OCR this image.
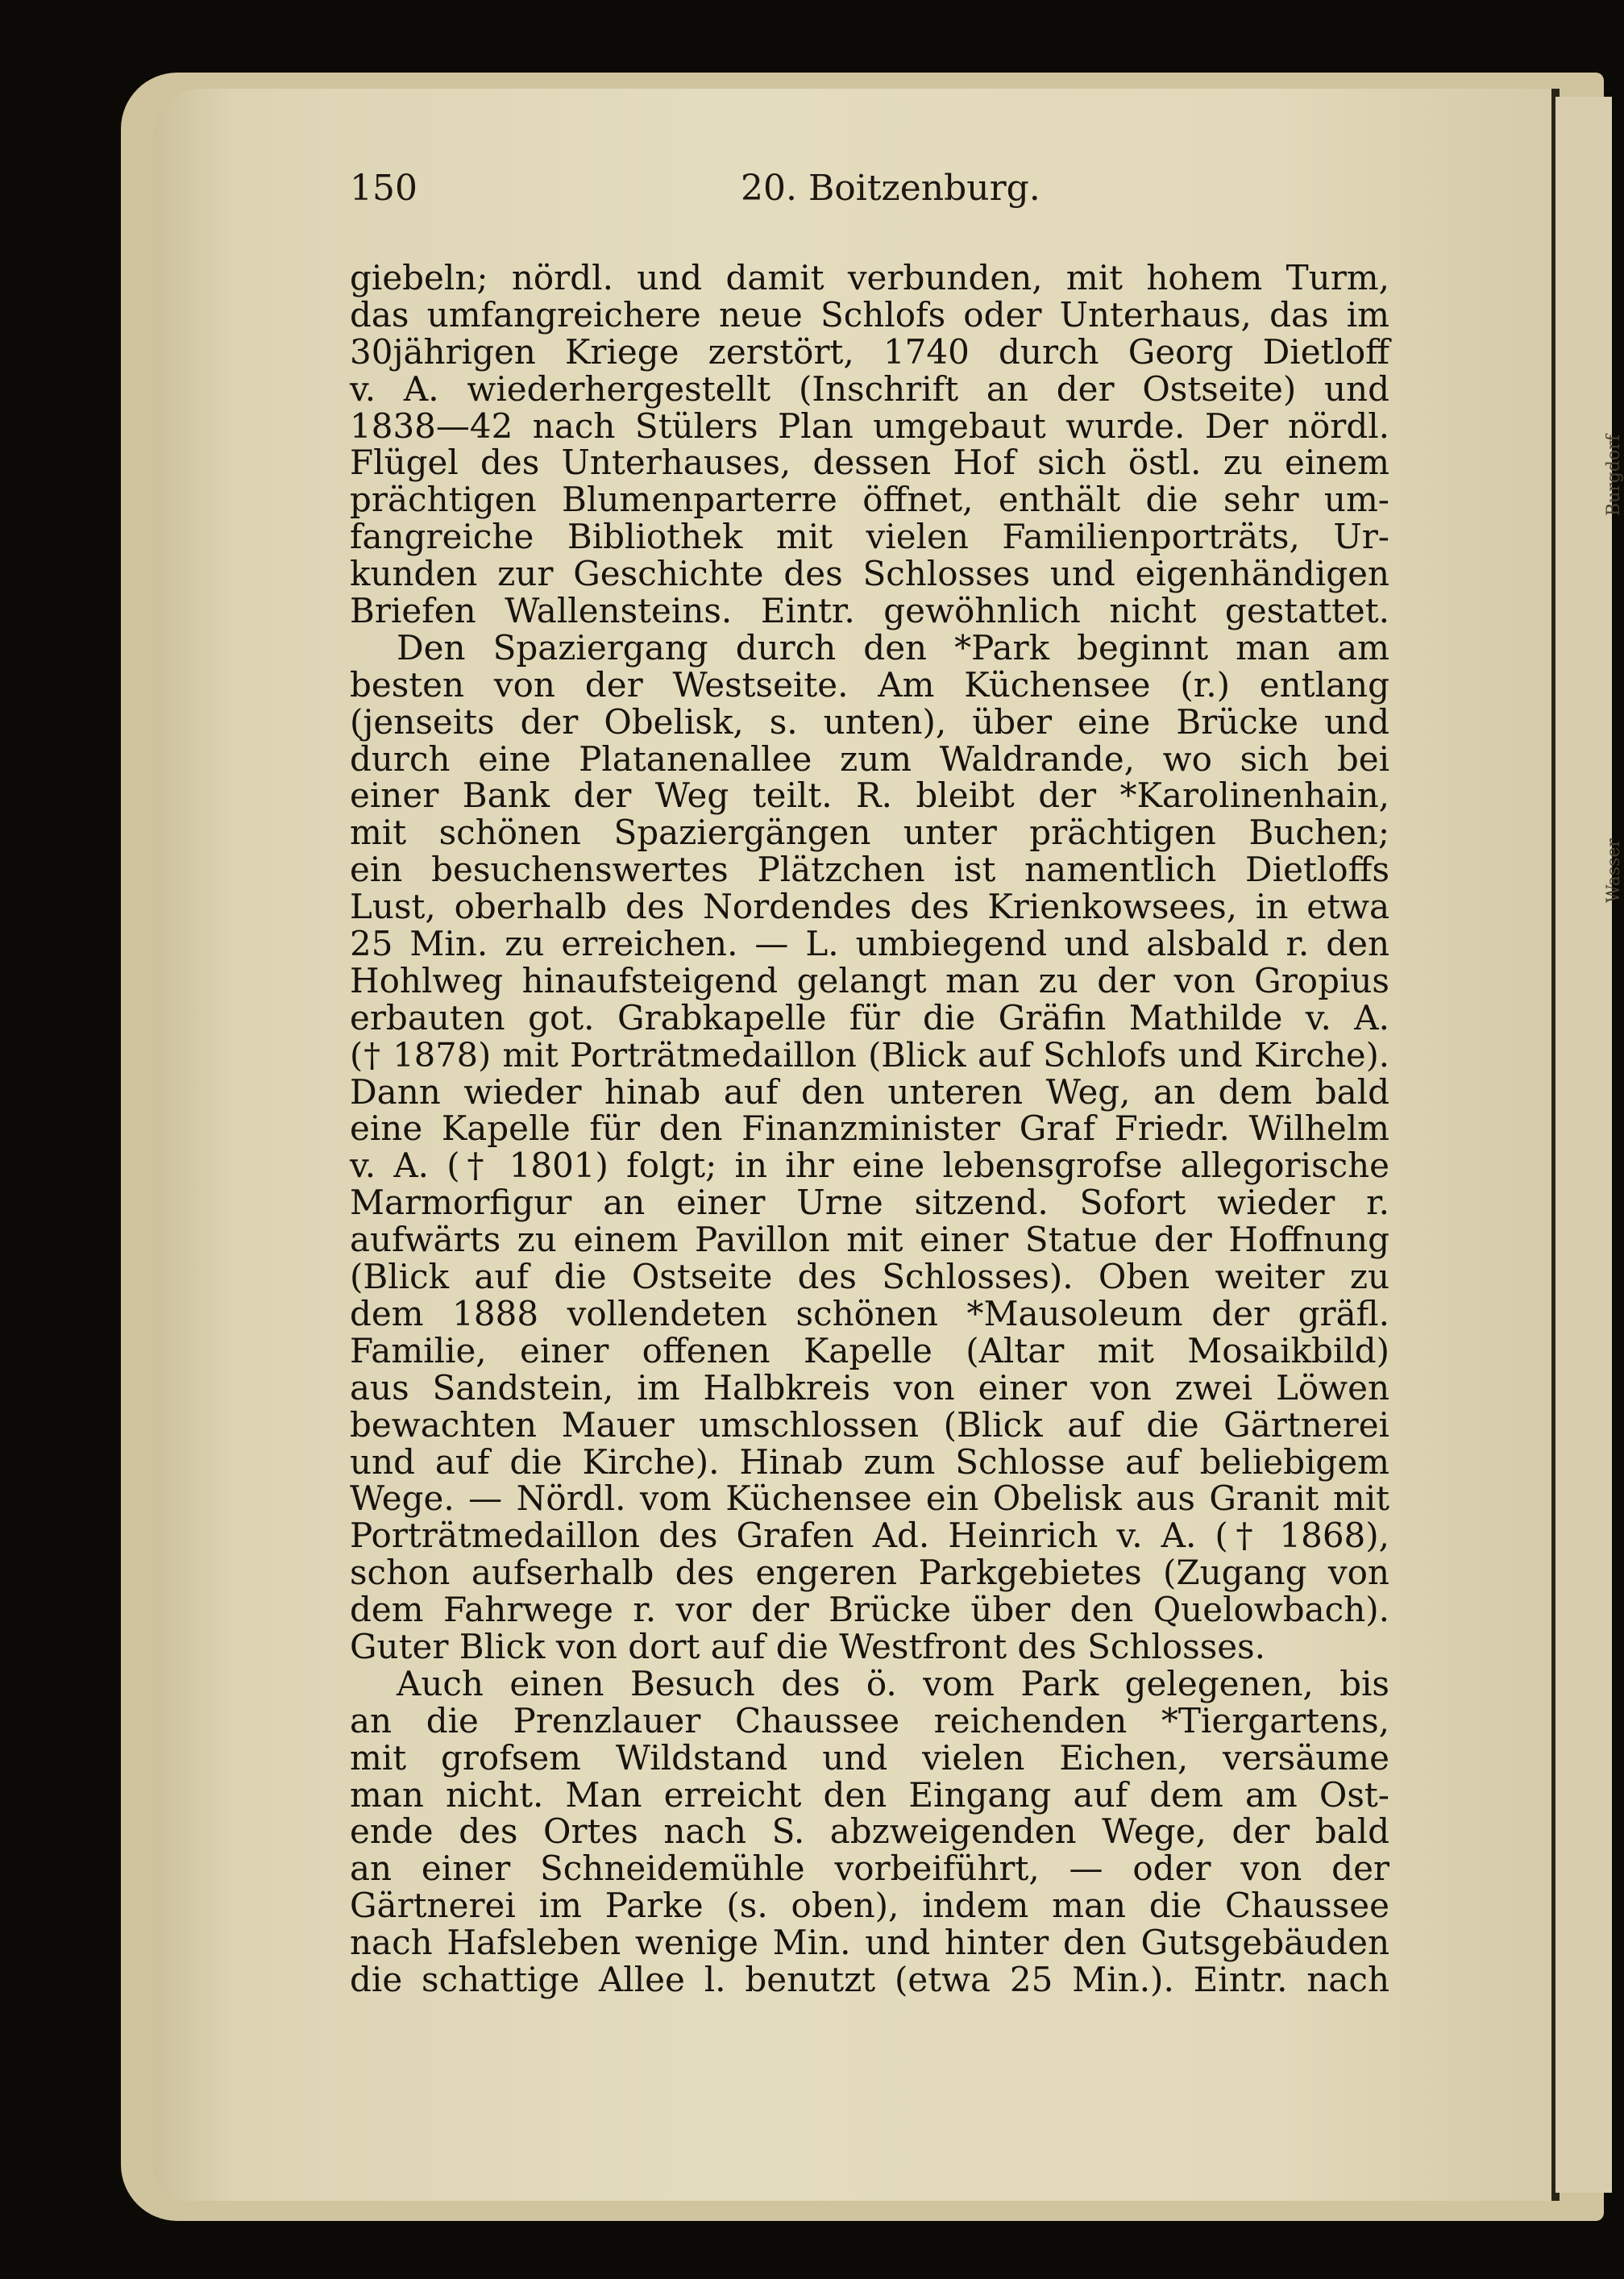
Wasser
Burgdorf
150	20. Boitzenburg.
giebeln; nördl. und damit verbunden, mit hohem Turm,
das umfangreichere neue Schlofs oder Unterhaus, das im
30jährigen Kriege zerstört, 1740 durch Georg Dietloff
v. A. wiederhergestellt (Inschrift an der Ostseite) und
1838—42 nach Stülers Plan umgebaut wurde. Der nördl.
Flügel des Unterhauses, dessen Hof sich östl. zu einem
prächtigen Blumenparterre öffnet, enthält die sehr um-
fangreiche Bibliothek mit vielen Familienporträts, Ur-
kunden zur Geschichte des Schlosses und eigenhändigen
Briefen Wallensteins. Eintr. gewöhnlich nicht gestattet.
Den Spaziergang durch den *Park beginnt man am
besten von der Westseite. Am Küchensee (r.) entlang
(jenseits der Obelisk, s. unten), über eine Brücke und
durch eine Platanenallee zum Waldrande, wo sich bei
einer Bank der Weg teilt. R. bleibt der *Karolinenhain,
mit schönen Spaziergängen unter prächtigen Buchen;
ein besuchenswertes Plätzchen ist namentlich Dietloffs
Lust, oberhalb des Nordendes des Krienkowsees, in etwa
25 Min. zu erreichen. — L. umbiegend und alsbald r. den
Hohlweg hinaufsteigend gelangt man zu der von Gropius
erbauten got. Grabkapelle für die Gräfin Mathilde v. A.
(† 1878) mit Porträtmedaillon (Blick auf Schlofs und Kirche).
Dann wieder hinab auf den unteren Weg, an dem bald
eine Kapelle für den Finanzminister Graf Friedr. Wilhelm
v. A. († 1801) folgt; in ihr eine lebensgrofse allegorische
Marmorfigur an einer Urne sitzend. Sofort wieder r.
aufwärts zu einem Pavillon mit einer Statue der Hoffnung
(Blick auf die Ostseite des Schlosses). Oben weiter zu
dem 1888 vollendeten schönen *Mausoleum der gräfl.
Familie, einer offenen Kapelle (Altar mit Mosaikbild)
aus Sandstein, im Halbkreis von einer von zwei Löwen
bewachten Mauer umschlossen (Blick auf die Gärtnerei
und auf die Kirche). Hinab zum Schlosse auf beliebigem
Wege. — Nördl. vom Küchensee ein Obelisk aus Granit mit
Porträtmedaillon des Grafen Ad. Heinrich v. A. († 1868),
schon aufserhalb des engeren Parkgebietes (Zugang von
dem Fahrwege r. vor der Brücke über den Quelowbach).
Guter Blick von dort auf die Westfront des Schlosses.
Auch einen Besuch des ö. vom Park gelegenen, bis
an die Prenzlauer Chaussee reichenden *Tiergartens,
mit grofsem Wildstand und vielen Eichen, versäume
man nicht. Man erreicht den Eingang auf dem am Ost-
ende des Ortes nach S. abzweigenden Wege, der bald
an einer Schneidemühle vorbeiführt, — oder von der
Gärtnerei im Parke (s. oben), indem man die Chaussee
nach Hafsleben wenige Min. und hinter den Gutsgebäuden
die schattige Allee l. benutzt (etwa 25 Min.). Eintr. nach
